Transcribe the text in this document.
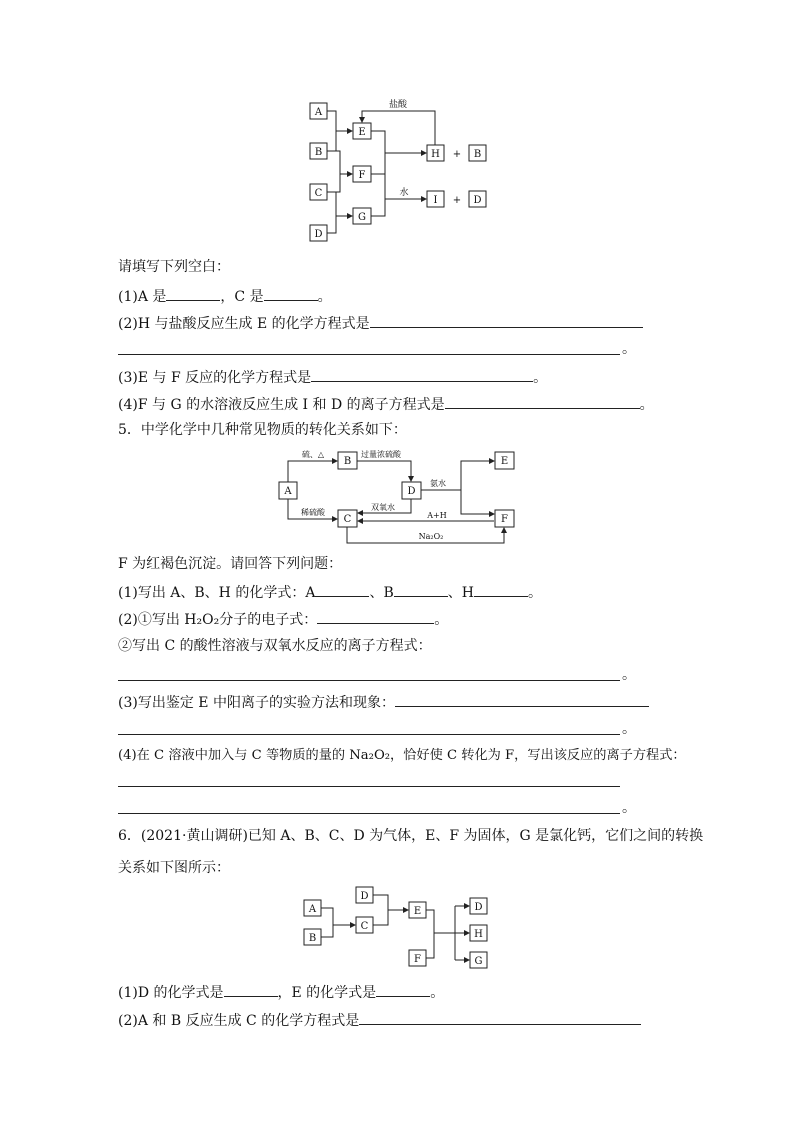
A
B
C
D
E
F
G
H + B
I + D
盐酸
水
请填写下列空白：
(1)A 是	，C 是	。
(2)H 与盐酸反应生成 E 的化学方程式是
。
(3)E 与 F 反应的化学方程式是	。
(4)F 与 G 的水溶液反应生成 I 和 D 的离子方程式是	。
5．中学化学中几种常见物质的转化关系如下：
A
B
C
D
E
F
硫、△	过量浓硫酸
稀硫酸
氨水
双氧水
A+H
Na₂O₂
F 为红褐色沉淀。请回答下列问题：
(1)写出 A、B、H 的化学式：A	、B	、H	。
(2)①写出 H₂O₂分子的电子式：	。
②写出 C 的酸性溶液与双氧水反应的离子方程式：
。
(3)写出鉴定 E 中阳离子的实验方法和现象：
。
(4)在 C 溶液中加入与 C 等物质的量的 Na₂O₂，恰好使 C 转化为 F，写出该反应的离子方程式：
。
6．(2021·黄山调研)已知 A、B、C、D 为气体，E、F 为固体，G 是氯化钙，它们之间的转换
关系如下图所示：
A
B
C
D
E
F
D
H
G
(1)D 的化学式是	，E 的化学式是	。
(2)A 和 B 反应生成 C 的化学方程式是
